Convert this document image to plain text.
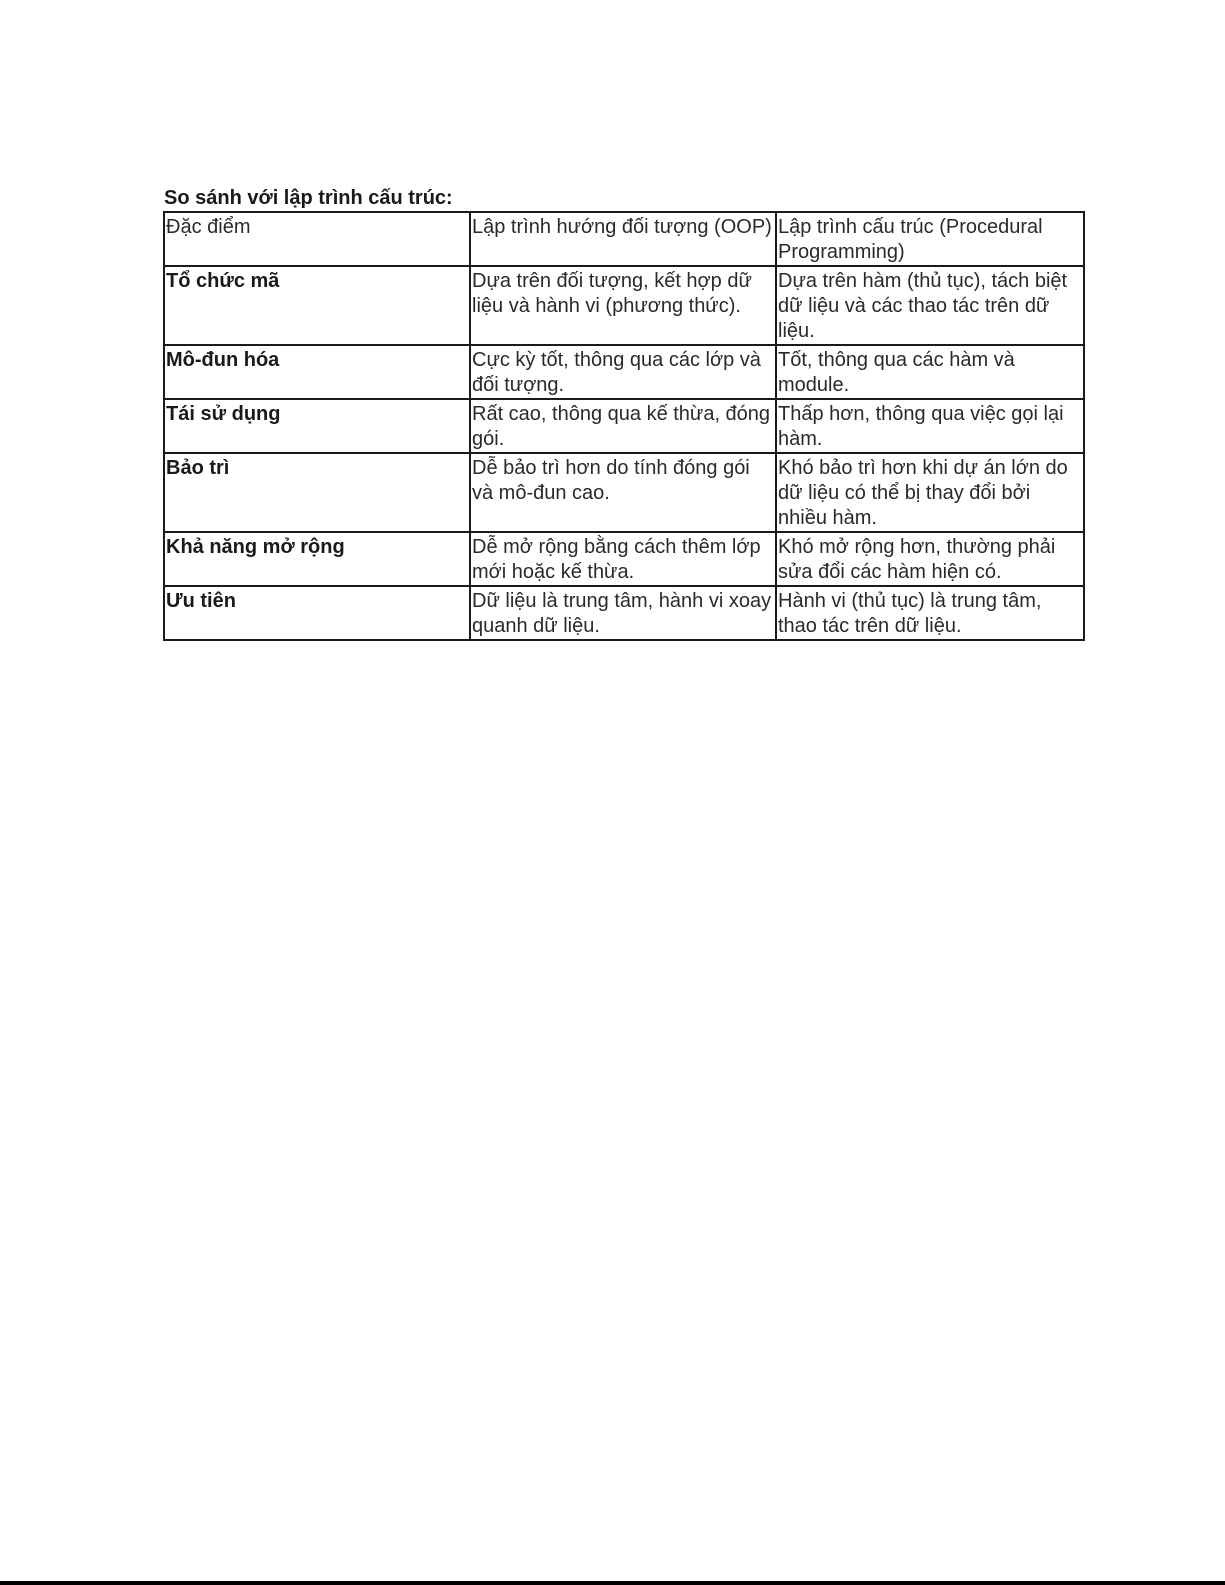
So sánh với lập trình cấu trúc:
Đặc điểm	Lập trình hướng đối tượng (OOP)	Lập trình cấu trúc (Procedural Programming)
Tổ chức mã	Dựa trên đối tượng, kết hợp dữ liệu và hành vi (phương thức).	Dựa trên hàm (thủ tục), tách biệt dữ liệu và các thao tác trên dữ liệu.
Mô-đun hóa	Cực kỳ tốt, thông qua các lớp và đối tượng.	Tốt, thông qua các hàm và module.
Tái sử dụng	Rất cao, thông qua kế thừa, đóng gói.	Thấp hơn, thông qua việc gọi lại hàm.
Bảo trì	Dễ bảo trì hơn do tính đóng gói và mô-đun cao.	Khó bảo trì hơn khi dự án lớn do dữ liệu có thể bị thay đổi bởi nhiều hàm.
Khả năng mở rộng	Dễ mở rộng bằng cách thêm lớp mới hoặc kế thừa.	Khó mở rộng hơn, thường phải sửa đổi các hàm hiện có.
Ưu tiên	Dữ liệu là trung tâm, hành vi xoay quanh dữ liệu.	Hành vi (thủ tục) là trung tâm, thao tác trên dữ liệu.
